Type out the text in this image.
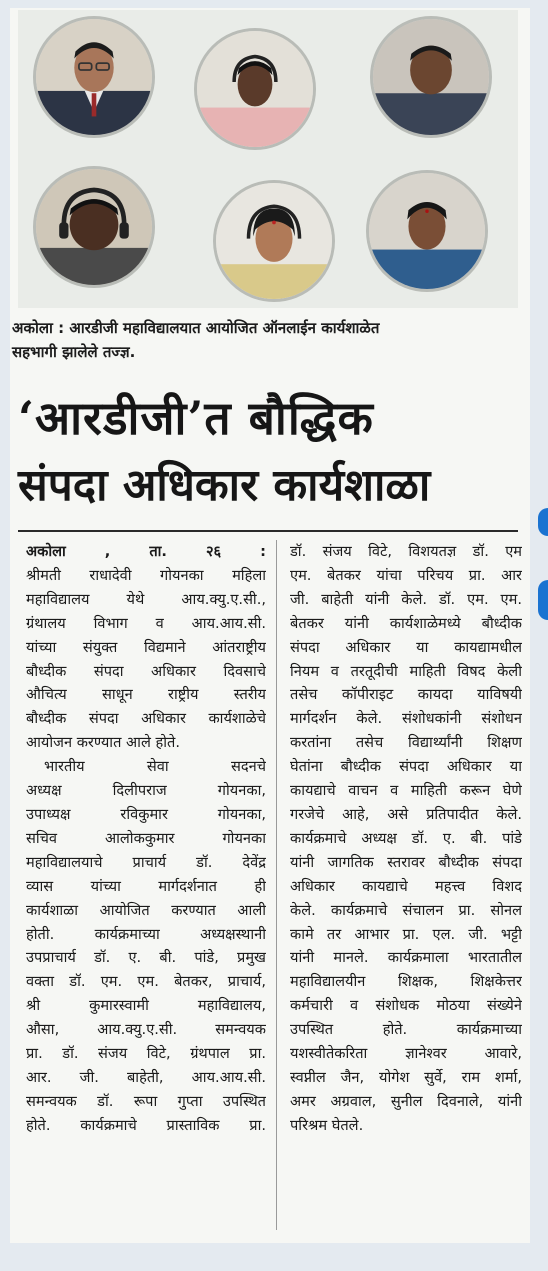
अकोला : आरडीजी महाविद्यालयात आयोजित ऑनलाईन कार्यशाळेत
सहभागी झालेले तज्ज्ञ.
‘आरडीजी’त बौद्धिक
संपदा अधिकार कार्यशाळा
अकोला	,	ता.	२६	:
श्रीमती राधादेवी गोयनका महिला
महाविद्यालय येथे आय.क्यु.ए.सी.,
ग्रंथालय विभाग व आय.आय.सी.
यांच्या संयुक्त विद्यमाने आंतराष्ट्रीय
बौध्दीक संपदा अधिकार दिवसाचे
औचित्य साधून राष्ट्रीय स्तरीय
बौध्दीक संपदा अधिकार कार्यशाळेचे
आयोजन करण्यात आले होते.
भारतीय सेवा सदनचे
अध्यक्ष दिलीपराज गोयनका,
उपाध्यक्ष रविकुमार गोयनका,
सचिव आलोककुमार गोयनका
महाविद्यालयाचे प्राचार्य डॉ. देवेंद्र
व्यास यांच्या मार्गदर्शनात ही
कार्यशाळा आयोजित करण्यात आली
होती. कार्यक्रमाच्या अध्यक्षस्थानी
उपप्राचार्य डॉ. ए. बी. पांडे, प्रमुख
वक्ता डॉ. एम. एम. बेतकर, प्राचार्य,
श्री कुमारस्वामी महाविद्यालय,
औसा, आय.क्यु.ए.सी. समन्वयक
प्रा. डॉ. संजय विटे, ग्रंथपाल प्रा.
आर. जी. बाहेती, आय.आय.सी.
समन्वयक डॉ. रूपा गुप्ता उपस्थित
होते. कार्यक्रमाचे प्रास्ताविक प्रा.
डॉ. संजय विटे, विशयतज्ञ डॉ. एम
एम. बेतकर यांचा परिचय प्रा. आर
जी. बाहेती यांनी केले. डॉ. एम. एम.
बेतकर यांनी कार्यशाळेमध्ये बौध्दीक
संपदा अधिकार या कायद्यामधील
नियम व तरतूदीची माहिती विषद केली
तसेच कॉपीराइट कायदा याविषयी
मार्गदर्शन केले. संशोधकांनी संशोधन
करतांना तसेच विद्यार्थ्यांनी शिक्षण
घेतांना बौध्दीक संपदा अधिकार या
कायद्याचे वाचन व माहिती करून घेणे
गरजेचे आहे, असे प्रतिपादीत केले.
कार्यक्रमाचे अध्यक्ष डॉ. ए. बी. पांडे
यांनी जागतिक स्तरावर बौध्दीक संपदा
अधिकार कायद्याचे महत्त्व विशद
केले. कार्यक्रमाचे संचालन प्रा. सोनल
कामे तर आभार प्रा. एल. जी. भट्टी
यांनी मानले. कार्यक्रमाला भारतातील
महाविद्यालयीन शिक्षक, शिक्षकेत्तर
कर्मचारी व संशोधक मोठया संख्येने
उपस्थित होते. कार्यक्रमाच्या
यशस्वीतेकरिता ज्ञानेश्वर आवारे,
स्वप्नील जैन, योगेश सुर्वे, राम शर्मा,
अमर अग्रवाल, सुनील दिवनाले, यांनी
परिश्रम घेतले.
